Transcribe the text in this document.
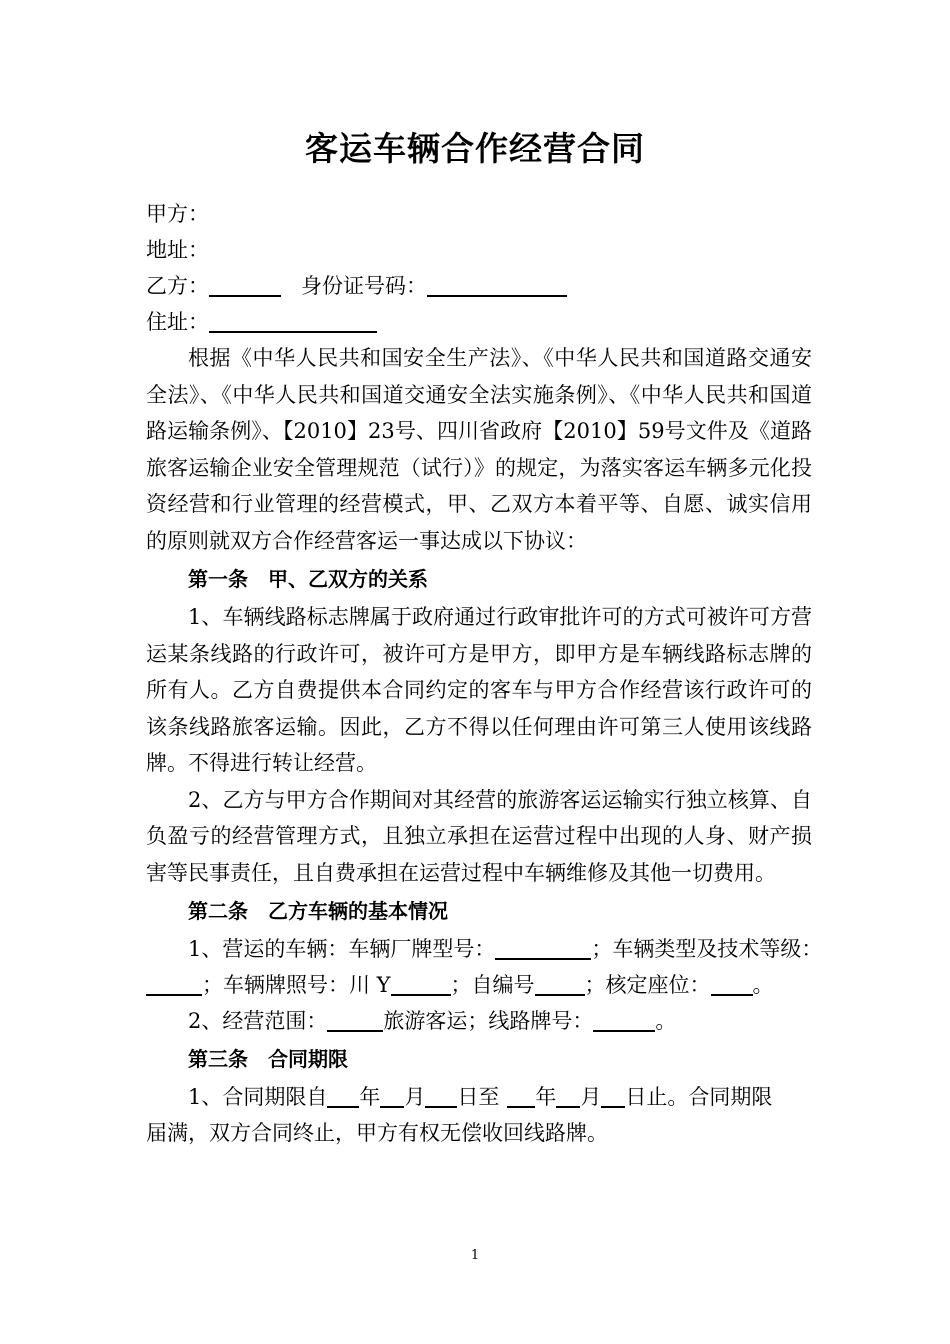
客运车辆合作经营合同
甲方：
地址：
乙方：	身份证号码：
住址：

根据《中华人民共和国安全生产法》、《中华人民共和国道路交通安全法》、《中华人民共和国道交通安全法实施条例》、《中华人民共和国道路运输条例》、【2010】23号、四川省政府【2010】59号文件及《道路旅客运输企业安全管理规范（试行）》的规定，为落实客运车辆多元化投资经营和行业管理的经营模式，甲、乙双方本着平等、自愿、诚实信用的原则就双方合作经营客运一事达成以下协议：

第一条　甲、乙双方的关系

1、车辆线路标志牌属于政府通过行政审批许可的方式可被许可方营运某条线路的行政许可，被许可方是甲方，即甲方是车辆线路标志牌的所有人。乙方自费提供本合同约定的客车与甲方合作经营该行政许可的该条线路旅客运输。因此，乙方不得以任何理由许可第三人使用该线路牌。不得进行转让经营。

2、乙方与甲方合作期间对其经营的旅游客运运输实行独立核算、自负盈亏的经营管理方式，且独立承担在运营过程中出现的人身、财产损害等民事责任，且自费承担在运营过程中车辆维修及其他一切费用。

第二条　乙方车辆的基本情况
1、营运的车辆：车辆厂牌型号：	；车辆类型及技术等级：
；车辆牌照号：川 Y	；自编号 ；核定座位： 。
2、经营范围：	旅游客运；线路牌号：	。
第三条　合同期限
1、合同期限自 年 月 日至 年 月 日止。合同期限
届满，双方合同终止，甲方有权无偿收回线路牌。
1
